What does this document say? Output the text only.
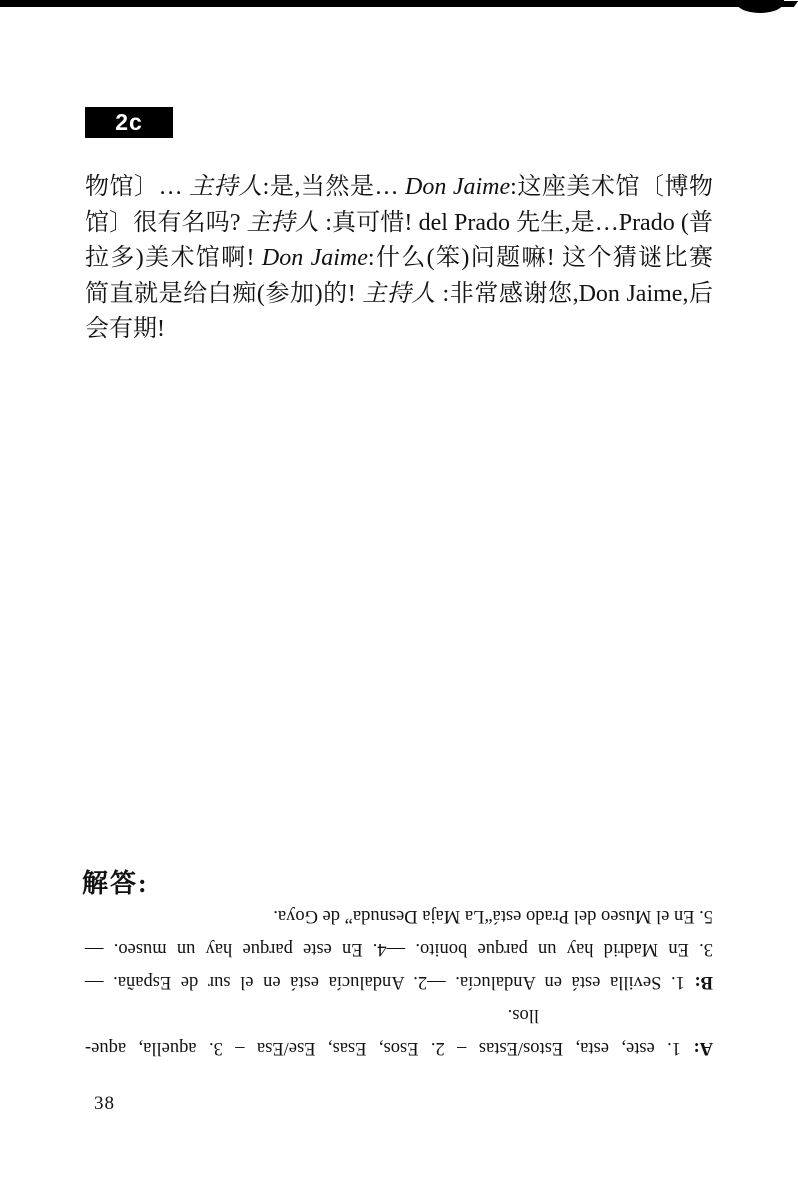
2c
物馆〕… 主持人:是,当然是… Don Jaime:这座美术馆〔博物
馆〕很有名吗? 主持人 :真可惜! del Prado 先生,是…Prado (普
拉多)美术馆啊! Don Jaime:什么(笨)问题嘛! 这个猜谜比赛
简直就是给白痴(参加)的! 主持人 :非常感谢您,Don Jaime,后
会有期!
解答:
A: 1. este, esta, Estos/Estas – 2. Esos, Esas, Ese/Esa – 3. aquella, aque-
llos.
B: 1. Sevilla está en Andalucía. —2. Andalucía está en el sur de España. —
3. En Madrid hay un parque bonito. —4. En este parque hay un museo. —
5. En el Museo del Prado está“La Maja Desnuda” de Goya.
38
